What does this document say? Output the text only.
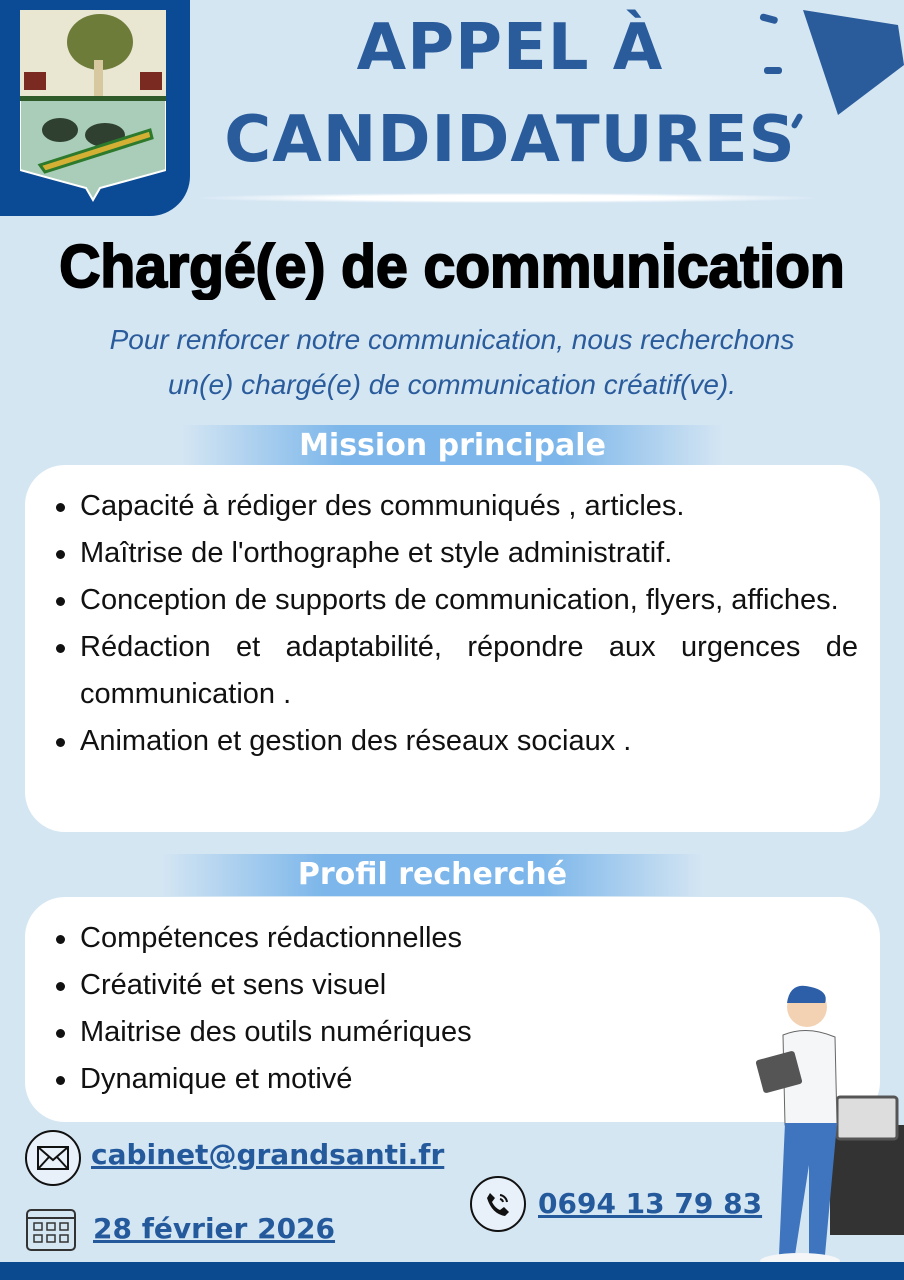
APPEL À
CANDIDATURES
Chargé(e) de communication
Pour renforcer notre communication, nous recherchons
un(e) chargé(e) de communication créatif(ve).
Mission principale
Capacité à rédiger des communiqués , articles.
Maîtrise de l'orthographe et style administratif.
Conception de supports de communication, flyers, affiches.
Rédaction et adaptabilité, répondre aux urgences de communication .
Animation et gestion des réseaux sociaux .
Profil recherché
Compétences rédactionnelles
Créativité et sens visuel
Maitrise des outils numériques
Dynamique et motivé
cabinet@grandsanti.fr
28 février 2026
0694 13 79 83
